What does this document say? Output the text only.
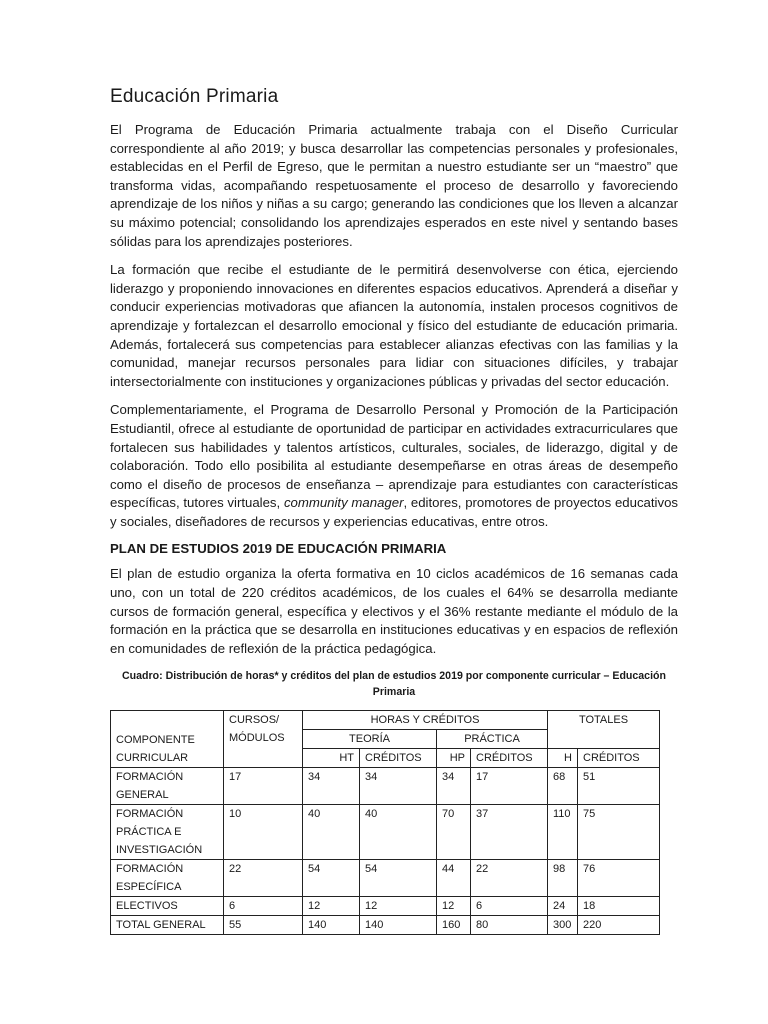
Educación Primaria

El Programa de Educación Primaria actualmente trabaja con el Diseño Curricular correspondiente al año 2019; y busca desarrollar las competencias personales y profesionales, establecidas en el Perfil de Egreso, que le permitan a nuestro estudiante ser un “maestro” que transforma vidas, acompañando respetuosamente el proceso de desarrollo y favoreciendo aprendizaje de los niños y niñas a su cargo; generando las condiciones que los lleven a alcanzar su máximo potencial; consolidando los aprendizajes esperados en este nivel y sentando bases sólidas para los aprendizajes posteriores.

La formación que recibe el estudiante de le permitirá desenvolverse con ética, ejerciendo liderazgo y proponiendo innovaciones en diferentes espacios educativos. Aprenderá a diseñar y conducir experiencias motivadoras que afiancen la autonomía, instalen procesos cognitivos de aprendizaje y fortalezcan el desarrollo emocional y físico del estudiante de educación primaria. Además, fortalecerá sus competencias para establecer alianzas efectivas con las familias y la comunidad, manejar recursos personales para lidiar con situaciones difíciles, y trabajar intersectorialmente con instituciones y organizaciones públicas y privadas del sector educación.

Complementariamente, el Programa de Desarrollo Personal y Promoción de la Participación Estudiantil, ofrece al estudiante de oportunidad de participar en actividades extracurriculares que fortalecen sus habilidades y talentos artísticos, culturales, sociales, de liderazgo, digital y de colaboración. Todo ello posibilita al estudiante desempeñarse en otras áreas de desempeño como el diseño de procesos de enseñanza – aprendizaje para estudiantes con características específicas, tutores virtuales, community manager, editores, promotores de proyectos educativos y sociales, diseñadores de recursos y experiencias educativas, entre otros.

PLAN DE ESTUDIOS 2019 DE EDUCACIÓN PRIMARIA

El plan de estudio organiza la oferta formativa en 10 ciclos académicos de 16 semanas cada uno, con un total de 220 créditos académicos, de los cuales el 64% se desarrolla mediante cursos de formación general, específica y electivos y el 36% restante mediante el módulo de la formación en la práctica que se desarrolla en instituciones educativas y en espacios de reflexión en comunidades de reflexión de la práctica pedagógica.

Cuadro: Distribución de horas* y créditos del plan de estudios 2019 por componente curricular – Educación Primaria
COMPONENTE CURRICULAR	CURSOS/ MÓDULOS	HORAS Y CRÉDITOS				TOTALES	
		TEORÍA		PRÁCTICA			
		HT	CRÉDITOS	HP	CRÉDITOS	H	CRÉDITOS
FORMACIÓN GENERAL	17	34	34	34	17	68	51
FORMACIÓN PRÁCTICA E INVESTIGACIÓN	10	40	40	70	37	110	75
FORMACIÓN ESPECÍFICA	22	54	54	44	22	98	76
ELECTIVOS	6	12	12	12	6	24	18
TOTAL GENERAL	55	140	140	160	80	300	220
